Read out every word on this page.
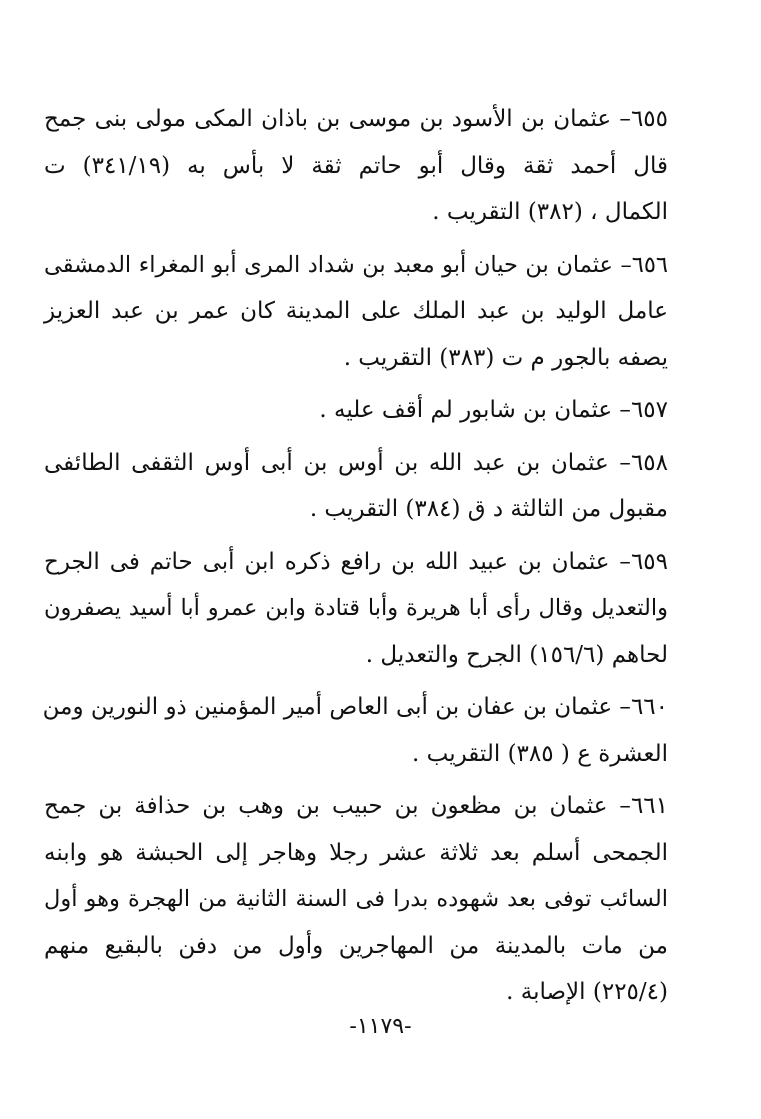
٦٥٥– عثمان بن الأسود بن موسى بن باذان المكى مولى بنى جمح
قال أحمد ثقة وقال أبو حاتم ثقة لا بأس به (٣٤١/١٩) ت
الكمال ، (٣٨٢) التقريب .
٦٥٦– عثمان بن حيان أبو معبد بن شداد المرى أبو المغراء الدمشقى
عامل الوليد بن عبد الملك على المدينة كان عمر بن عبد العزيز
يصفه بالجور م ت (٣٨٣) التقريب .
٦٥٧– عثمان بن شابور لم أقف عليه .
٦٥٨– عثمان بن عبد الله بن أوس بن أبى أوس الثقفى الطائفى
مقبول من الثالثة د ق (٣٨٤) التقريب .
٦٥٩– عثمان بن عبيد الله بن رافع ذكره ابن أبى حاتم فى الجرح
والتعديل وقال رأى أبا هريرة وأبا قتادة وابن عمرو أبا أسيد يصفرون
لحاهم (١٥٦/٦) الجرح والتعديل .
٦٦٠– عثمان بن عفان بن أبى العاص أمير المؤمنين ذو النورين ومن
العشرة ع ( ٣٨٥) التقريب .
٦٦١– عثمان بن مظعون بن حبيب بن وهب بن حذافة بن جمح
الجمحى أسلم بعد ثلاثة عشر رجلا وهاجر إلى الحبشة هو وابنه
السائب توفى بعد شهوده بدرا فى السنة الثانية من الهجرة وهو أول
من مات بالمدينة من المهاجرين وأول من دفن بالبقيع منهم
(٢٢٥/٤) الإصابة .
-١١٧٩-
